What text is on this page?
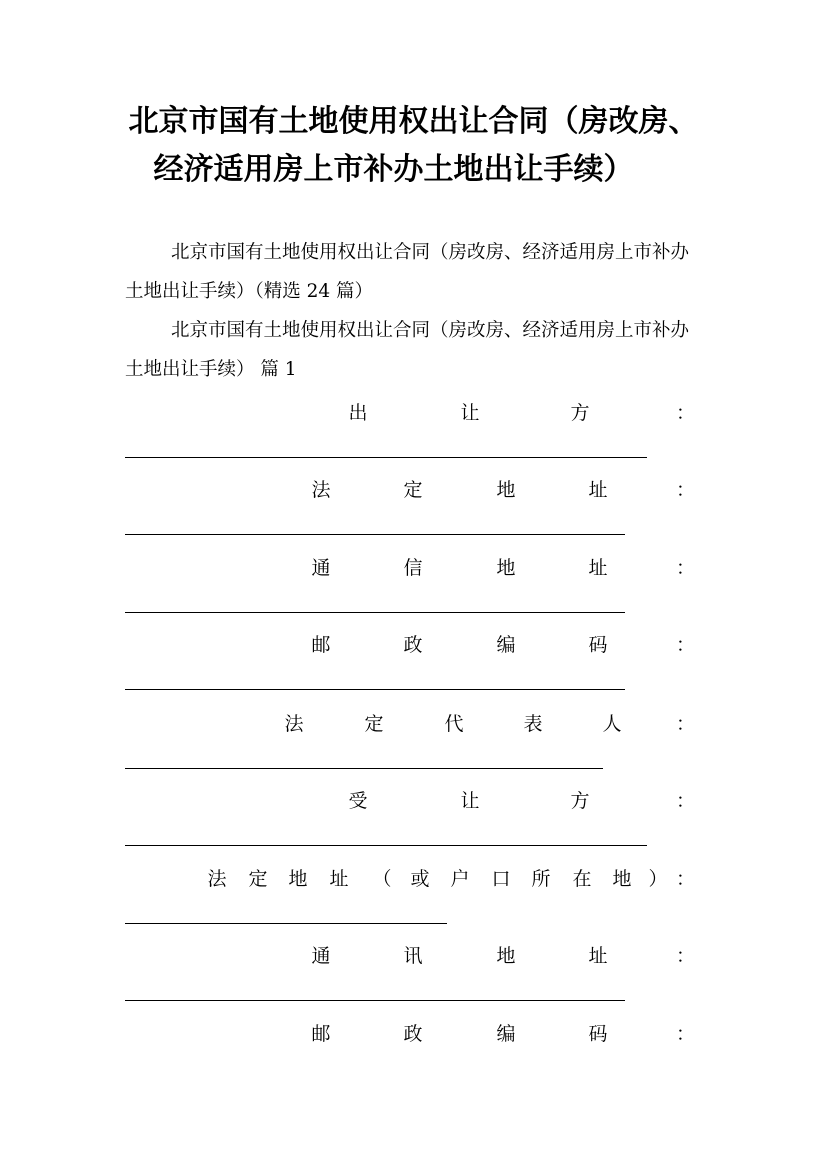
北京市国有土地使用权出让合同（房改房、
经济适用房上市补办土地出让手续）

北京市国有土地使用权出让合同（房改房、经济适用房上市补办土地出让手续）（精选 24 篇）

北京市国有土地使用权出让合同（房改房、经济适用房上市补办土地出让手续） 篇 1

出	让	方	：
法	定	地	址	：
通	信	地	址	：
邮	政	编	码	：
法	定	代	表	人	：
受	让	方	：
法 定 地 址 （ 或 户 口 所 在 地 ） ：
通	讯	地	址	：
邮	政	编	码	：
